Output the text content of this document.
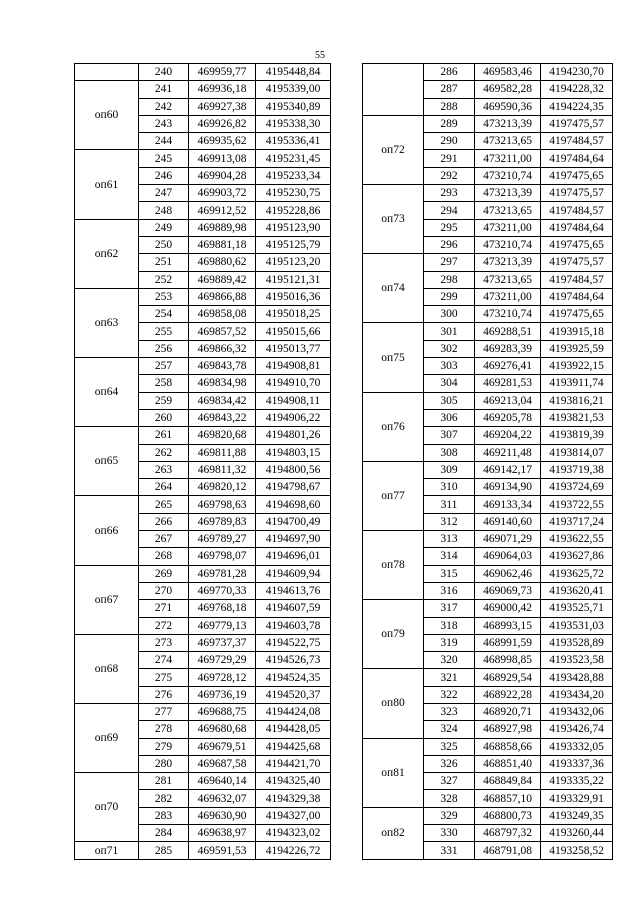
55
	240	469959,77	4195448,84
оп60	241	469936,18	4195339,00
	242	469927,38	4195340,89
	243	469926,82	4195338,30
	244	469935,62	4195336,41
оп61	245	469913,08	4195231,45
	246	469904,28	4195233,34
	247	469903,72	4195230,75
	248	469912,52	4195228,86
оп62	249	469889,98	4195123,90
	250	469881,18	4195125,79
	251	469880,62	4195123,20
	252	469889,42	4195121,31
оп63	253	469866,88	4195016,36
	254	469858,08	4195018,25
	255	469857,52	4195015,66
	256	469866,32	4195013,77
оп64	257	469843,78	4194908,81
	258	469834,98	4194910,70
	259	469834,42	4194908,11
	260	469843,22	4194906,22
оп65	261	469820,68	4194801,26
	262	469811,88	4194803,15
	263	469811,32	4194800,56
	264	469820,12	4194798,67
оп66	265	469798,63	4194698,60
	266	469789,83	4194700,49
	267	469789,27	4194697,90
	268	469798,07	4194696,01
оп67	269	469781,28	4194609,94
	270	469770,33	4194613,76
	271	469768,18	4194607,59
	272	469779,13	4194603,78
оп68	273	469737,37	4194522,75
	274	469729,29	4194526,73
	275	469728,12	4194524,35
	276	469736,19	4194520,37
оп69	277	469688,75	4194424,08
	278	469680,68	4194428,05
	279	469679,51	4194425,68
	280	469687,58	4194421,70
оп70	281	469640,14	4194325,40
	282	469632,07	4194329,38
	283	469630,90	4194327,00
	284	469638,97	4194323,02
оп71	285	469591,53	4194226,72
	286	469583,46	4194230,70
	287	469582,28	4194228,32
	288	469590,36	4194224,35
оп72	289	473213,39	4197475,57
	290	473213,65	4197484,57
	291	473211,00	4197484,64
	292	473210,74	4197475,65
оп73	293	473213,39	4197475,57
	294	473213,65	4197484,57
	295	473211,00	4197484,64
	296	473210,74	4197475,65
оп74	297	473213,39	4197475,57
	298	473213,65	4197484,57
	299	473211,00	4197484,64
	300	473210,74	4197475,65
оп75	301	469288,51	4193915,18
	302	469283,39	4193925,59
	303	469276,41	4193922,15
	304	469281,53	4193911,74
оп76	305	469213,04	4193816,21
	306	469205,78	4193821,53
	307	469204,22	4193819,39
	308	469211,48	4193814,07
оп77	309	469142,17	4193719,38
	310	469134,90	4193724,69
	311	469133,34	4193722,55
	312	469140,60	4193717,24
оп78	313	469071,29	4193622,55
	314	469064,03	4193627,86
	315	469062,46	4193625,72
	316	469069,73	4193620,41
оп79	317	469000,42	4193525,71
	318	468993,15	4193531,03
	319	468991,59	4193528,89
	320	468998,85	4193523,58
оп80	321	468929,54	4193428,88
	322	468922,28	4193434,20
	323	468920,71	4193432,06
	324	468927,98	4193426,74
оп81	325	468858,66	4193332,05
	326	468851,40	4193337,36
	327	468849,84	4193335,22
	328	468857,10	4193329,91
оп82	329	468800,73	4193249,35
	330	468797,32	4193260,44
	331	468791,08	4193258,52
